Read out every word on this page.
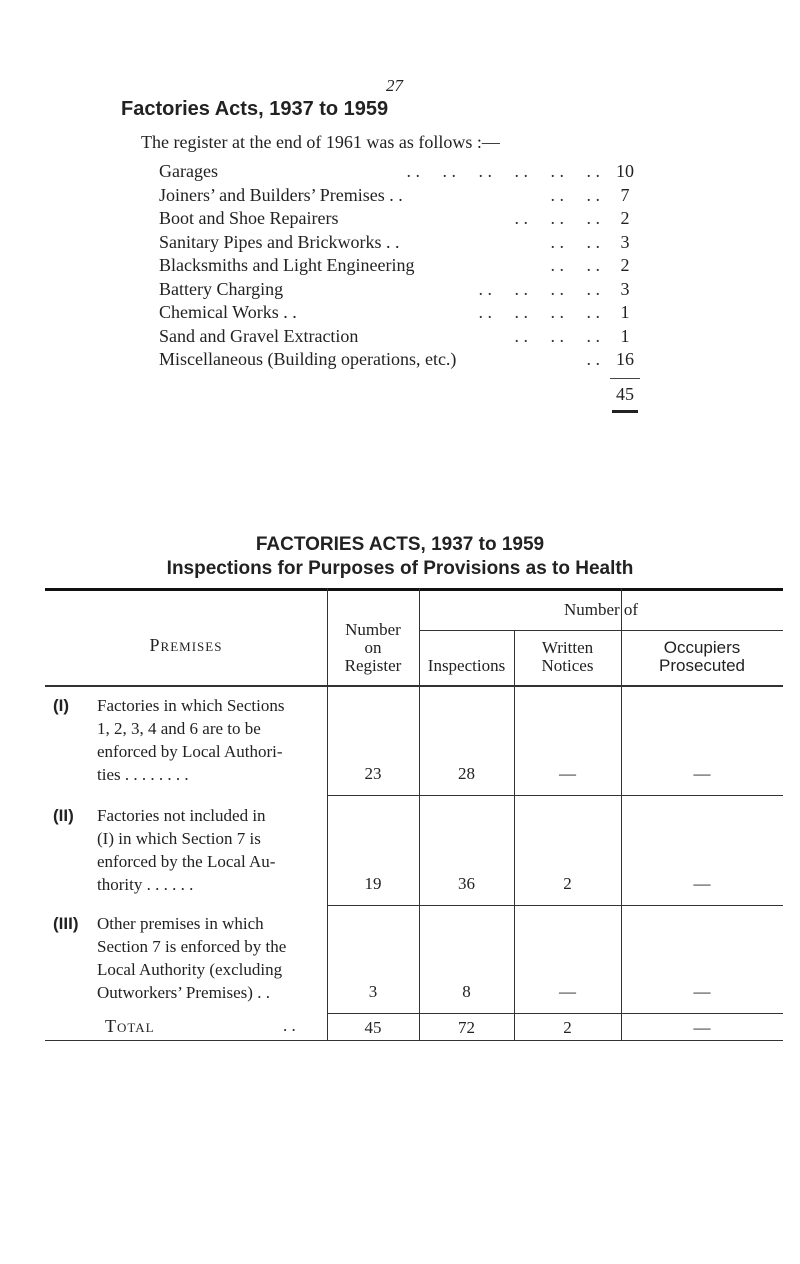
27
Factories Acts, 1937 to 1959
The register at the end of 1961 was as follows :—
Garages	. .     . .     . .     . .     . .     . . 10
Joiners’ and Builders’ Premises . .	. .     . .	7
Boot and Shoe Repairers	. .     . .     . .	2
Sanitary Pipes and Brickworks . .	. .     . .	3
Blacksmiths and Light Engineering	. .     . .	2
Battery Charging	. .     . .     . .     . .	3
Chemical Works . .	. .     . .     . .     . .	1
Sand and Gravel Extraction	. .     . .     . .	1
Miscellaneous (Building operations, etc.)	. . 16
45
FACTORIES ACTS, 1937 to 1959
Inspections for Purposes of Provisions as to Health
Premises
Number
on
Register
Number of
Inspections
Written
Notices
Occupiers
Prosecuted
(I) Factories in which Sections
1, 2, 3, 4 and 6 are to be
enforced by Local Authori-
ties . . . . . . . .	23	28	—	—
(II) Factories not included in
(I) in which Section 7 is
enforced by the Local Au-
thority . . . . . .	19	36	2	—
(III) Other premises in which
Section 7 is enforced by the
Local Authority (excluding
Outworkers’ Premises) . .	3	8	—	—
Total	. .	45	72	2	—
